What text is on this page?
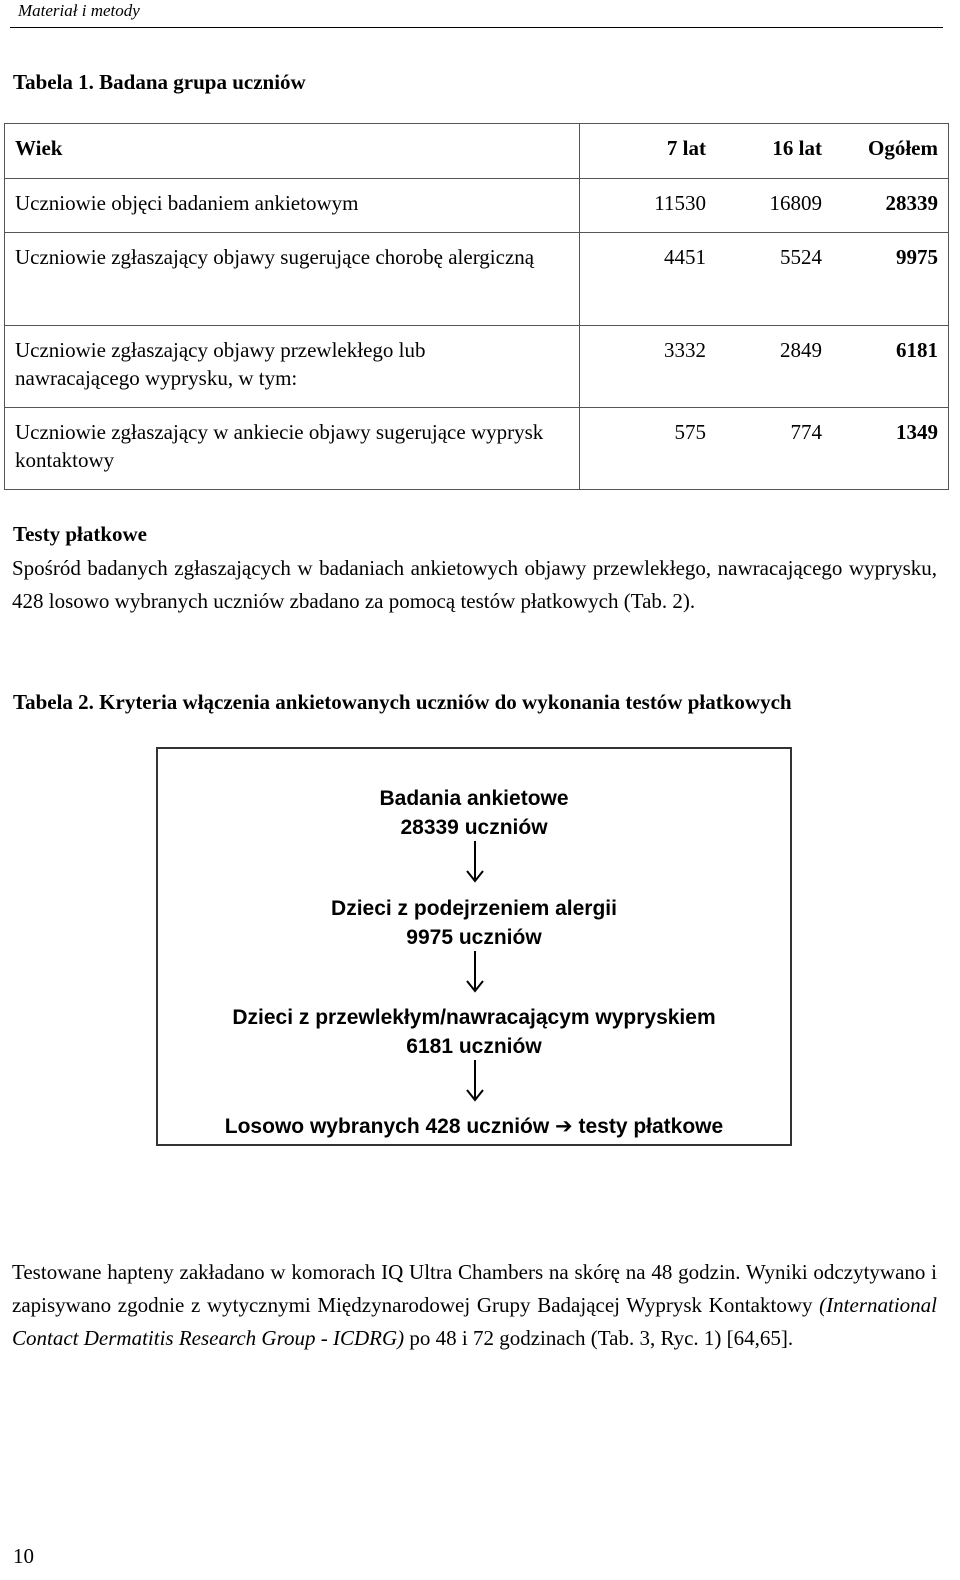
Materiał i metody
Tabela 1. Badana grupa uczniów
Wiek	7 lat 16 lat Ogółem

Uczniowie objęci badaniem ankietowym	11530 16809 28339

Uczniowie zgłaszający objawy sugerujące chorobę alergiczną	4451 5524 9975

Uczniowie zgłaszający objawy przewlekłego lub nawracającego wyprysku, w tym:	3332 2849 6181

Uczniowie zgłaszający w ankiecie objawy sugerujące wyprysk kontaktowy	575 774 1349
Testy płatkowe
Spośród badanych zgłaszających w badaniach ankietowych objawy przewlekłego, nawracającego wyprysku, 428 losowo wybranych uczniów zbadano za pomocą testów płatkowych (Tab. 2).
Tabela 2. Kryteria włączenia ankietowanych uczniów do wykonania testów płatkowych
Badania ankietowe
28339 uczniów
Dzieci z podejrzeniem alergii
9975 uczniów
Dzieci z przewlekłym/nawracającym wypryskiem
6181 uczniów
Losowo wybranych 428 uczniów ➔ testy płatkowe
Testowane hapteny zakładano w komorach IQ Ultra Chambers na skórę na 48 godzin. Wyniki odczytywano i zapisywano zgodnie z wytycznymi Międzynarodowej Grupy Badającej Wyprysk Kontaktowy (International Contact Dermatitis Research Group - ICDRG) po 48 i 72 godzinach (Tab. 3, Ryc. 1) [64,65].
10
